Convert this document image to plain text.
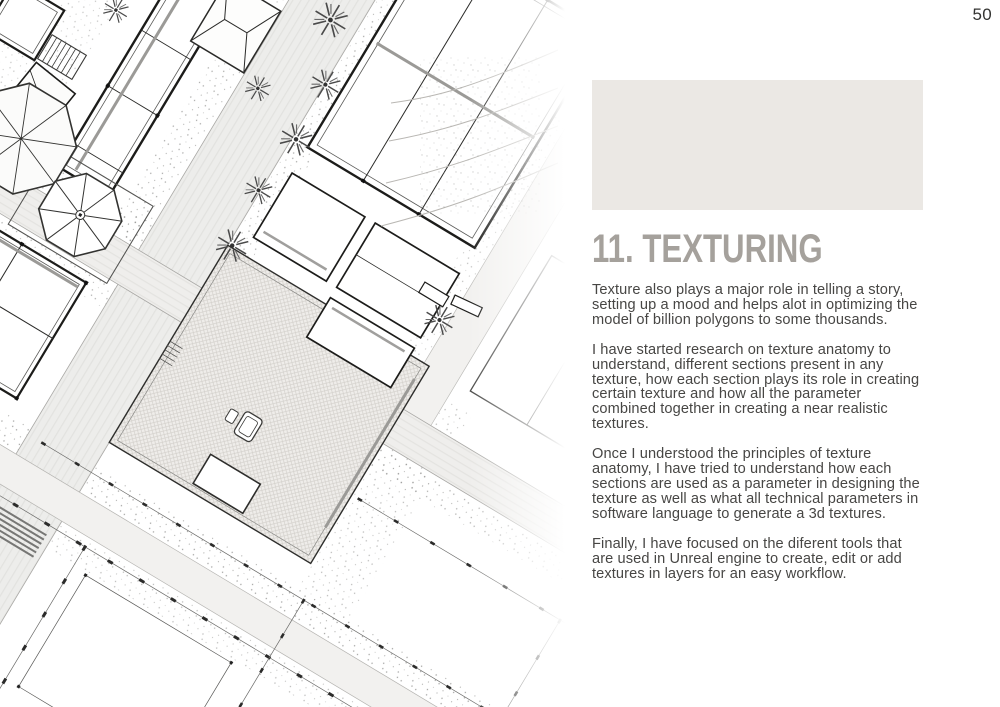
50
11. TEXTURING

Texture also plays a major role in telling a story, setting up a mood and helps alot in optimizing the model of billion polygons to some thousands.

I have started research on texture anatomy to understand, different sections present in any texture, how each section plays its role in creating certain texture and how all the parameter combined together in creating a near realistic textures.

Once I understood the principles of texture anatomy, I have tried to understand how each sections are used as a parameter in designing the texture as well as what all technical parameters in software language to generate a 3d textures.

Finally, I have focused on the diferent tools that are used in Unreal engine to create, edit or add textures in layers for an easy workflow.
